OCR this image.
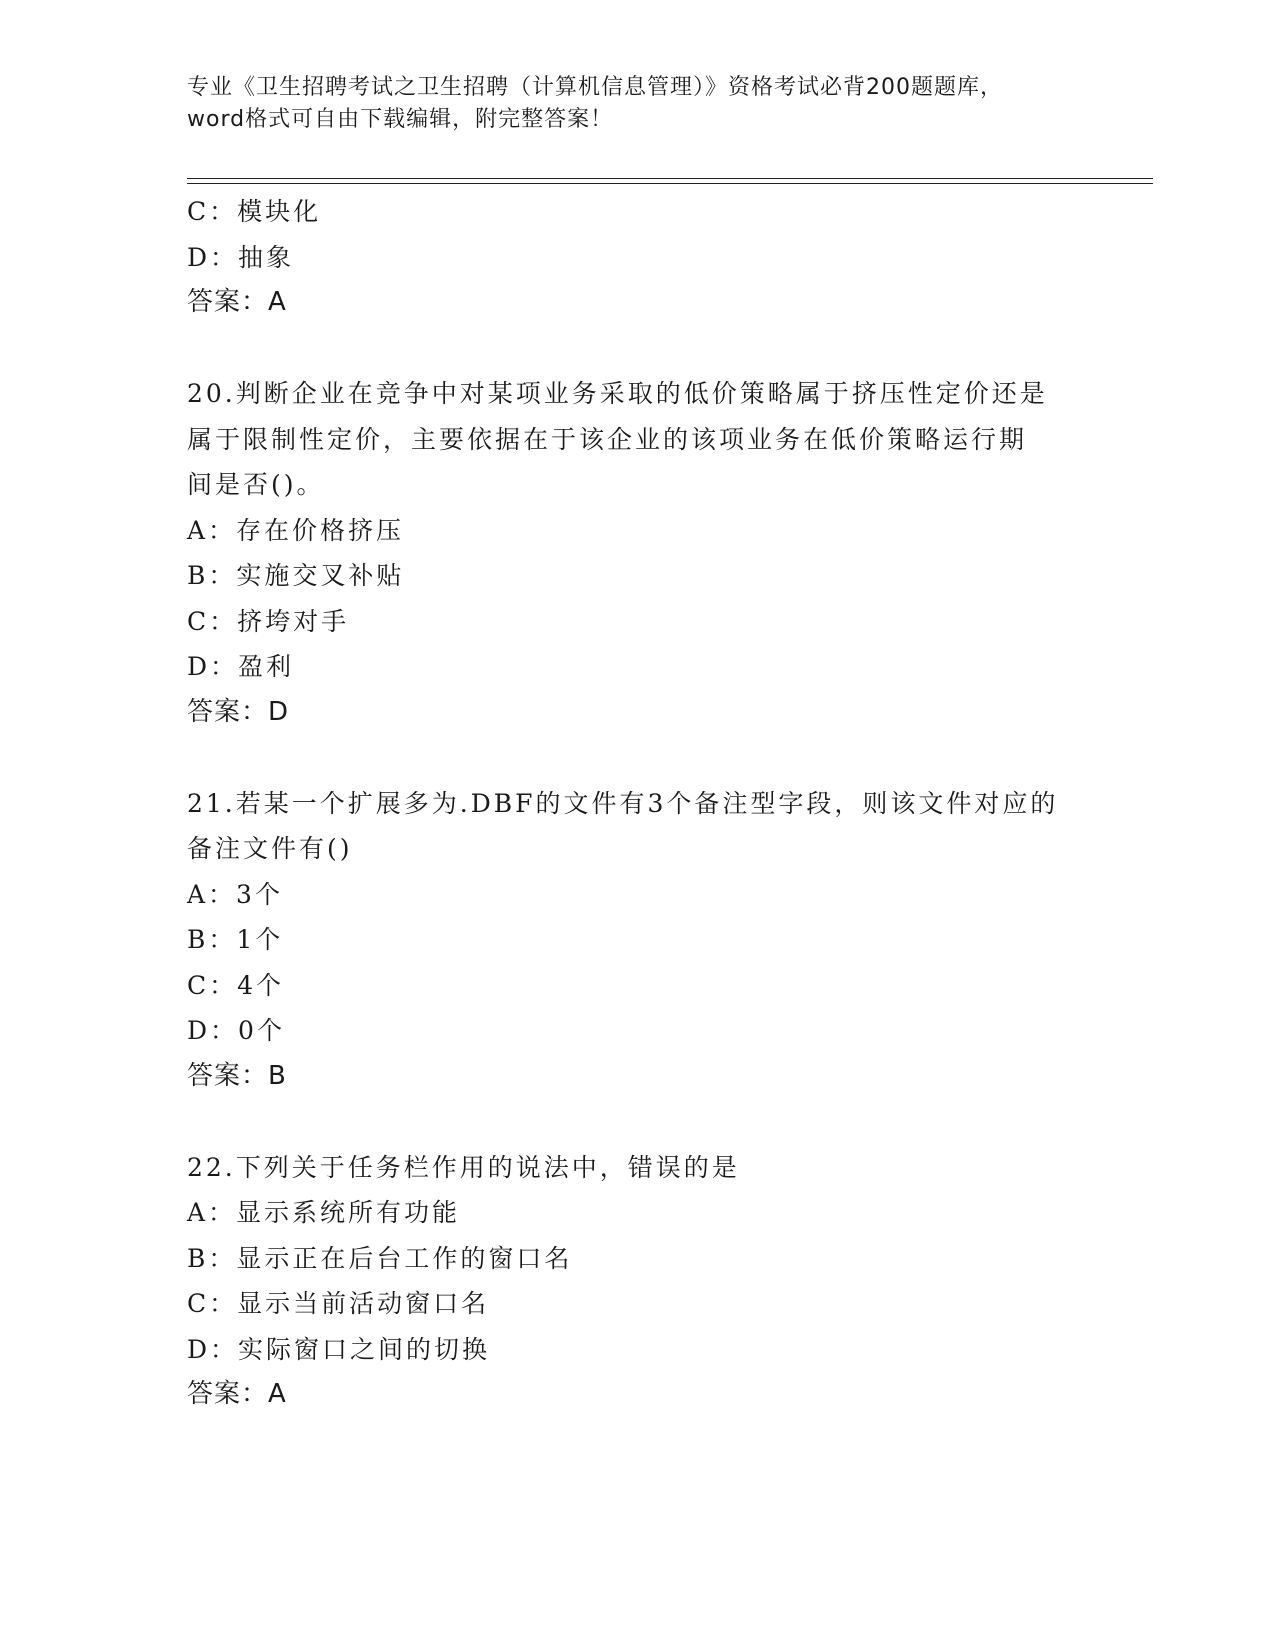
专业《卫生招聘考试之卫生招聘（计算机信息管理）》资格考试必背200题题库，
word格式可自由下载编辑，附完整答案！
C：模块化
D：抽象
答案：A
20.判断企业在竞争中对某项业务采取的低价策略属于挤压性定价还是
属于限制性定价，主要依据在于该企业的该项业务在低价策略运行期
间是否()。
A：存在价格挤压
B：实施交叉补贴
C：挤垮对手
D：盈利
答案：D
21.若某一个扩展多为.DBF的文件有3个备注型字段，则该文件对应的
备注文件有()
A：3个
B：1个
C：4个
D：0个
答案：B
22.下列关于任务栏作用的说法中，错误的是
A：显示系统所有功能
B：显示正在后台工作的窗口名
C：显示当前活动窗口名
D：实际窗口之间的切换
答案：A
